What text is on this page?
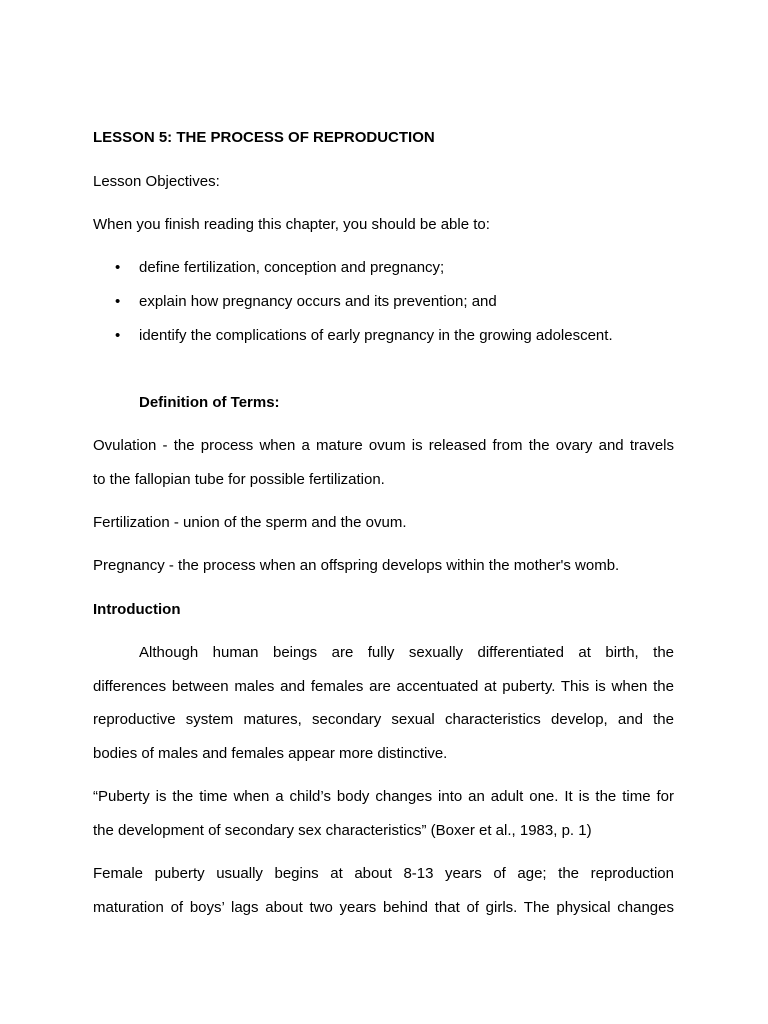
LESSON 5: THE PROCESS OF REPRODUCTION
Lesson Objectives:
When you finish reading this chapter, you should be able to:
• define fertilization, conception and pregnancy;
• explain how pregnancy occurs and its prevention; and
• identify the complications of early pregnancy in the growing adolescent.
Definition of Terms:
Ovulation - the process when a mature ovum is released from the ovary and travels
to the fallopian tube for possible fertilization.
Fertilization - union of the sperm and the ovum.
Pregnancy - the process when an offspring develops within the mother's womb.
Introduction
Although human beings are fully sexually differentiated at birth, the
differences between males and females are accentuated at puberty. This is when the
reproductive system matures, secondary sexual characteristics develop, and the
bodies of males and females appear more distinctive.
“Puberty is the time when a child’s body changes into an adult one. It is the time for
the development of secondary sex characteristics” (Boxer et al., 1983, p. 1)
Female puberty usually begins at about 8-13 years of age; the reproduction
maturation of boys’ lags about two years behind that of girls. The physical changes
